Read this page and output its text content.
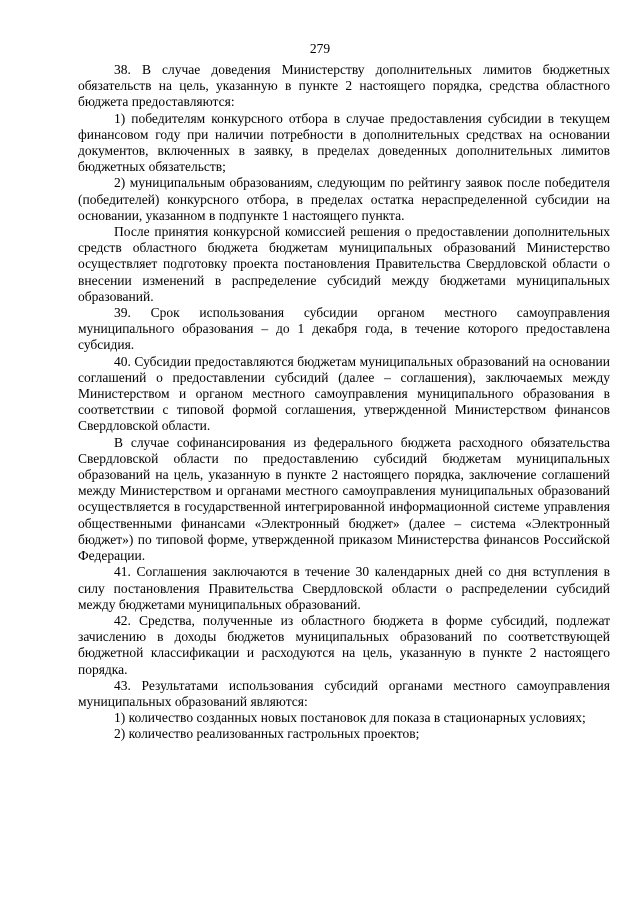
279

38. В случае доведения Министерству дополнительных лимитов бюджетных обязательств на цель, указанную в пункте 2 настоящего порядка, средства областного бюджета предоставляются:

1) победителям конкурсного отбора в случае предоставления субсидии в текущем финансовом году при наличии потребности в дополнительных средствах на основании документов, включенных в заявку, в пределах доведенных дополнительных лимитов бюджетных обязательств;

2) муниципальным образованиям, следующим по рейтингу заявок после победителя (победителей) конкурсного отбора, в пределах остатка нераспределенной субсидии на основании, указанном в подпункте 1 настоящего пункта.

После принятия конкурсной комиссией решения о предоставлении дополнительных средств областного бюджета бюджетам муниципальных образований Министерство осуществляет подготовку проекта постановления Правительства Свердловской области о внесении изменений в распределение субсидий между бюджетами муниципальных образований.

39. Срок использования субсидии органом местного самоуправления муниципального образования – до 1 декабря года, в течение которого предоставлена субсидия.

40. Субсидии предоставляются бюджетам муниципальных образований на основании соглашений о предоставлении субсидий (далее – соглашения), заключаемых между Министерством и органом местного самоуправления муниципального образования в соответствии с типовой формой соглашения, утвержденной Министерством финансов Свердловской области.

В случае софинансирования из федерального бюджета расходного обязательства Свердловской области по предоставлению субсидий бюджетам муниципальных образований на цель, указанную в пункте 2 настоящего порядка, заключение соглашений между Министерством и органами местного самоуправления муниципальных образований осуществляется в государственной интегрированной информационной системе управления общественными финансами «Электронный бюджет» (далее – система «Электронный бюджет») по типовой форме, утвержденной приказом Министерства финансов Российской Федерации.

41. Соглашения заключаются в течение 30 календарных дней со дня вступления в силу постановления Правительства Свердловской области о распределении субсидий между бюджетами муниципальных образований.

42. Средства, полученные из областного бюджета в форме субсидий, подлежат зачислению в доходы бюджетов муниципальных образований по соответствующей бюджетной классификации и расходуются на цель, указанную в пункте 2 настоящего порядка.

43. Результатами использования субсидий органами местного самоуправления муниципальных образований являются:

1) количество созданных новых постановок для показа в стационарных условиях;

2) количество реализованных гастрольных проектов;
